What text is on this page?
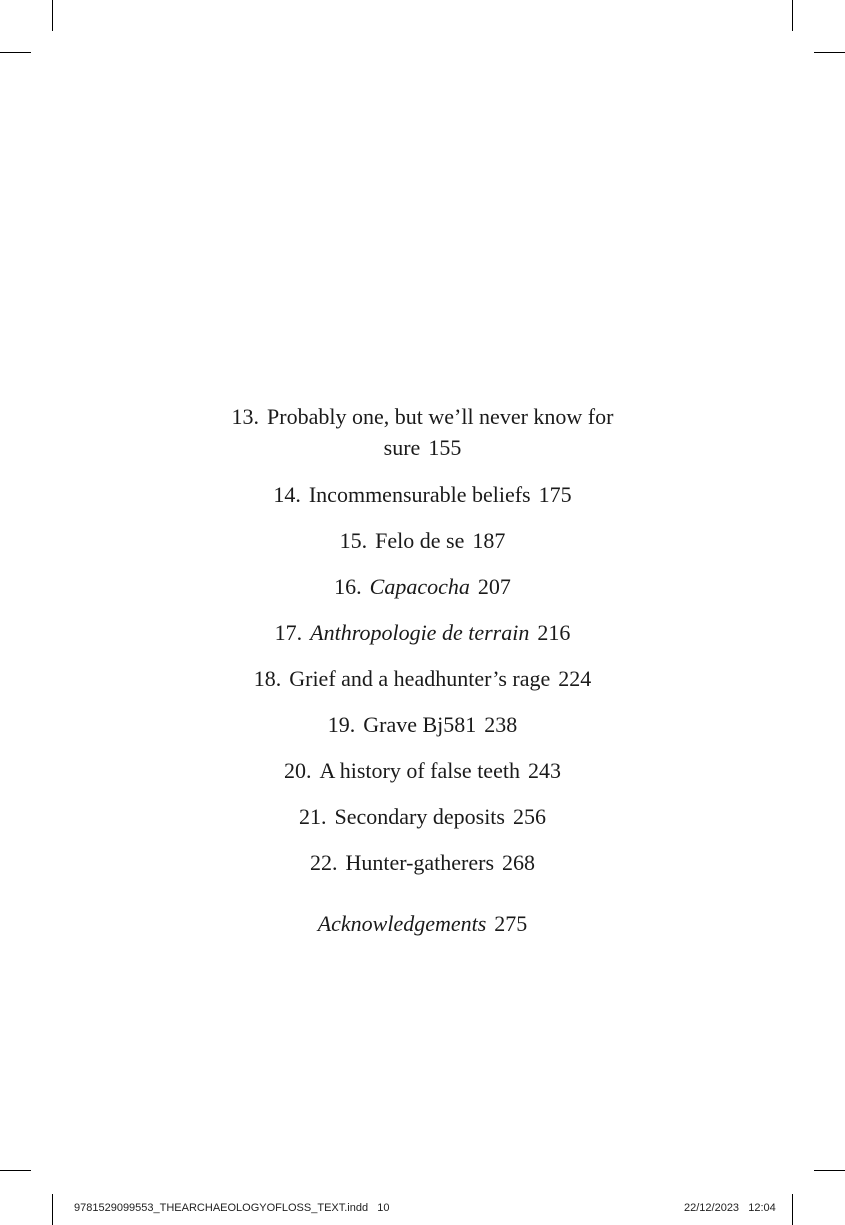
13. Probably one, but we’ll never know for sure 155
14. Incommensurable beliefs 175
15. Felo de se 187
16. Capacocha 207
17. Anthropologie de terrain 216
18. Grief and a headhunter’s rage 224
19. Grave Bj581 238
20. A history of false teeth 243
21. Secondary deposits 256
22. Hunter-gatherers 268
Acknowledgements 275
9781529099553_THEARCHAEOLOGYOFLOSS_TEXT.indd 10	22/12/2023 12:04
